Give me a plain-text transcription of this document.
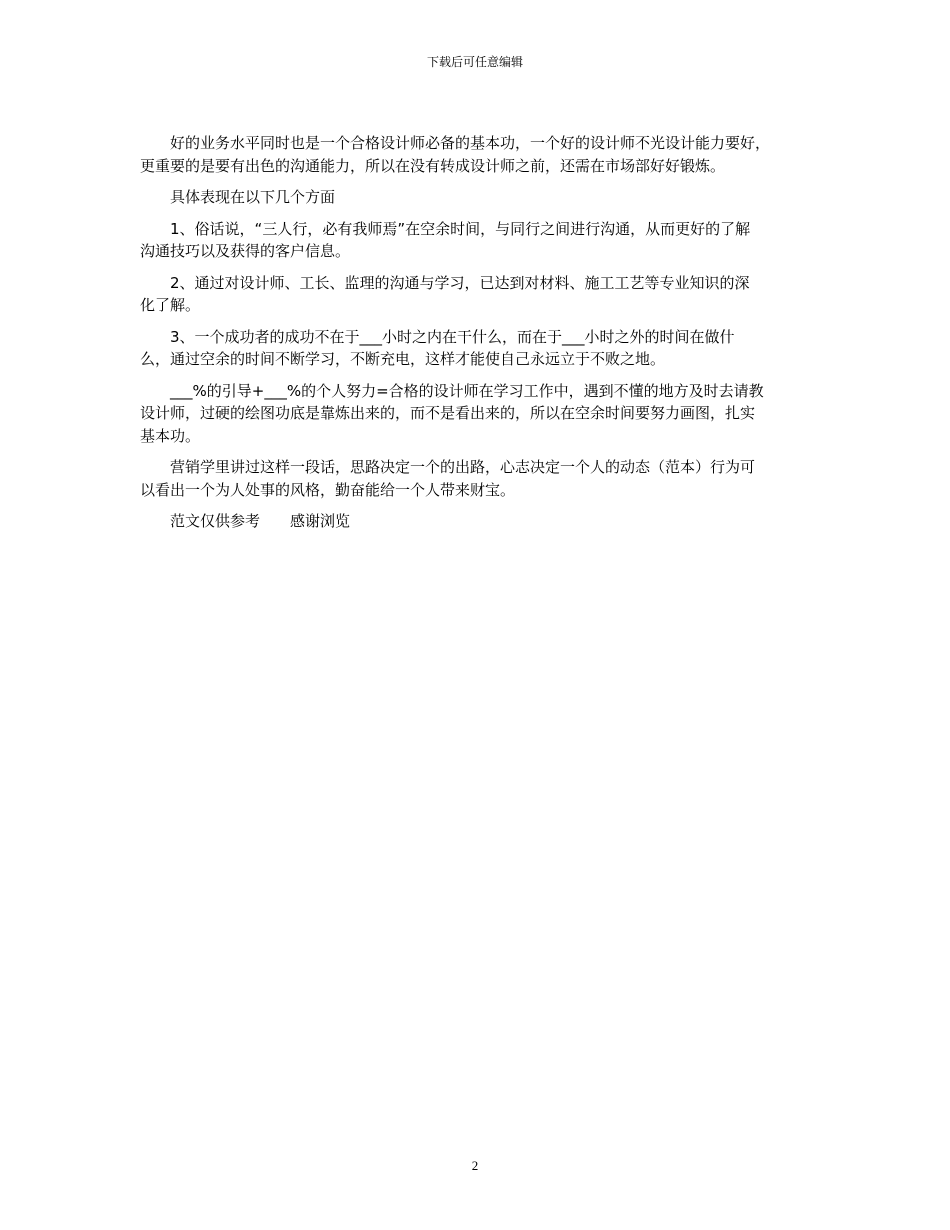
下载后可任意编辑

好的业务水平同时也是一个合格设计师必备的基本功，一个好的设计师不光设计能力要好，
更重要的是要有出色的沟通能力，所以在没有转成设计师之前，还需在市场部好好锻炼。

具体表现在以下几个方面

1、俗话说，“三人行，必有我师焉”在空余时间，与同行之间进行沟通，从而更好的了解
沟通技巧以及获得的客户信息。

2、通过对设计师、工长、监理的沟通与学习，已达到对材料、施工工艺等专业知识的深
化了解。

3、一个成功者的成功不在于___小时之内在干什么，而在于___小时之外的时间在做什
么，通过空余的时间不断学习，不断充电，这样才能使自己永远立于不败之地。

___%的引导+___%的个人努力=合格的设计师在学习工作中，遇到不懂的地方及时去请教
设计师，过硬的绘图功底是靠炼出来的，而不是看出来的，所以在空余时间要努力画图，扎实
基本功。

营销学里讲过这样一段话，思路决定一个的出路，心志决定一个人的动态（范本）行为可
以看出一个为人处事的风格，勤奋能给一个人带来财宝。

范文仅供参考 感谢浏览

2
